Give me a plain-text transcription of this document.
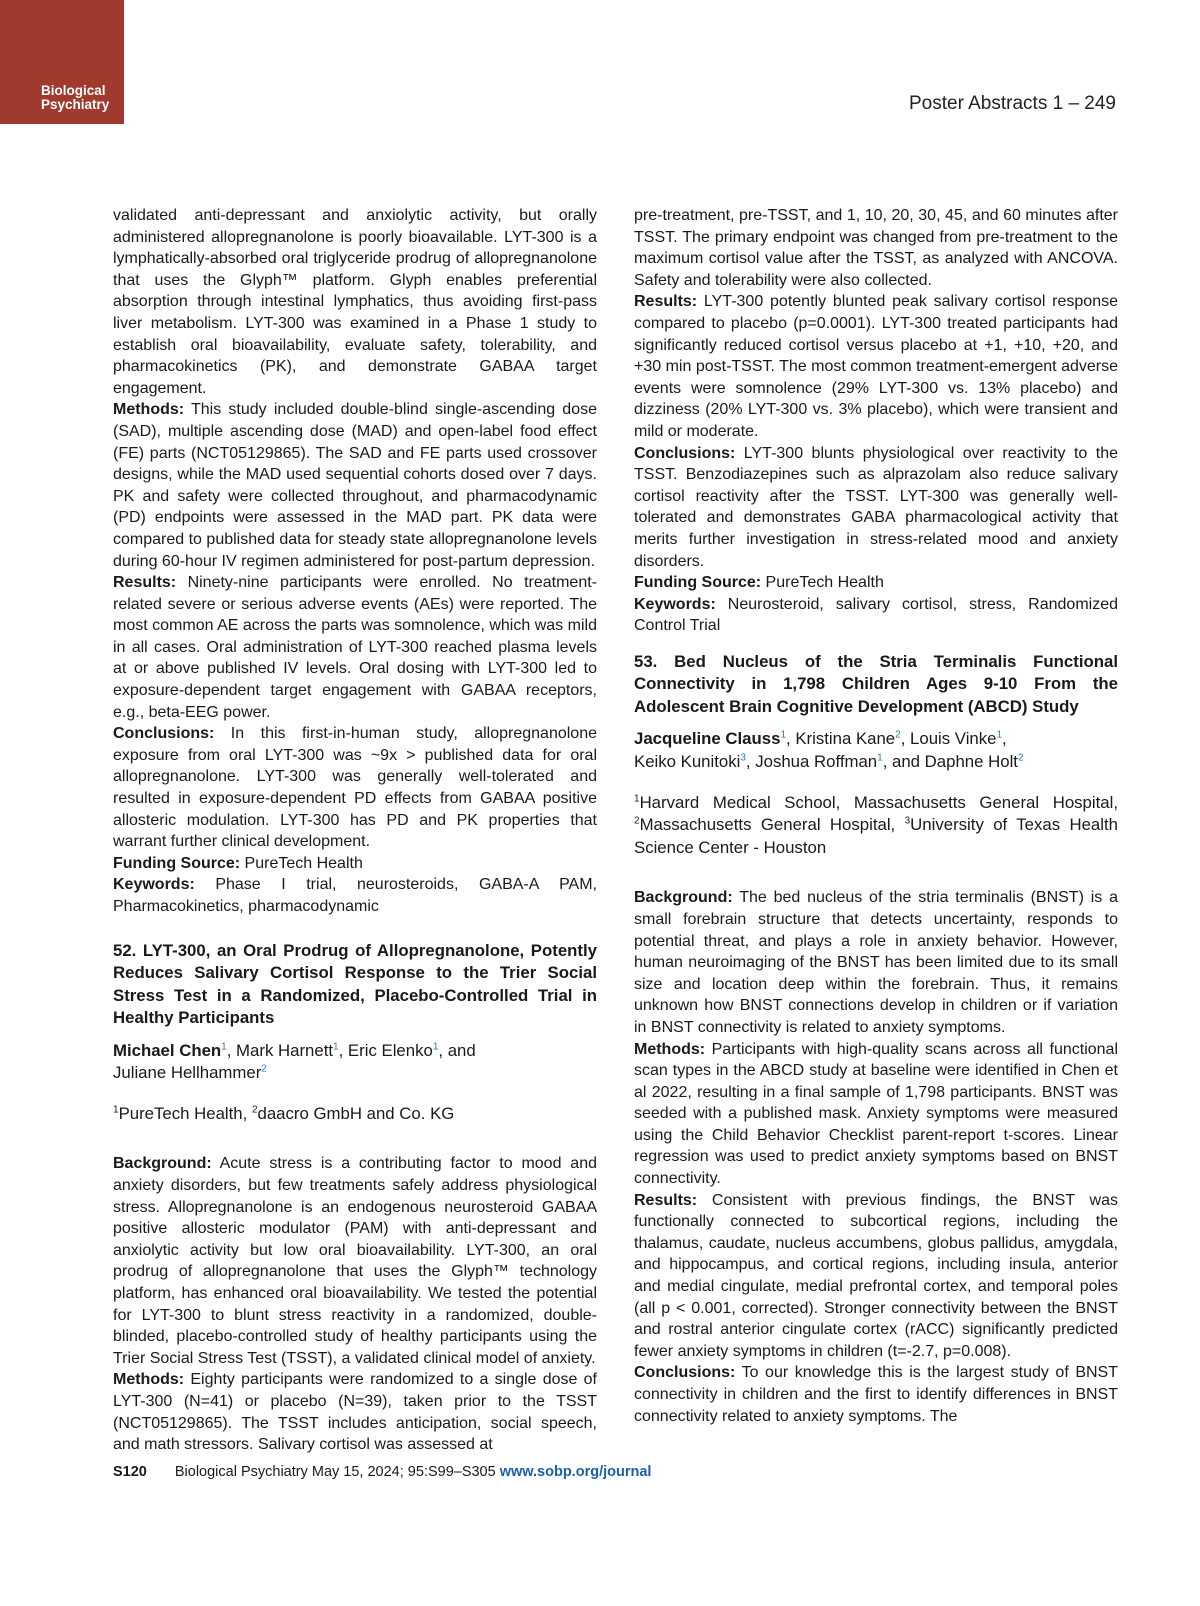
Biological
Psychiatry	Poster Abstracts 1 – 249

validated anti-depressant and anxiolytic activity, but orally administered allopregnanolone is poorly bioavailable. LYT-300 is a lymphatically-absorbed oral triglyceride prodrug of allopregnanolone that uses the Glyph™ platform. Glyph enables preferential absorption through intestinal lymphatics, thus avoiding first-pass liver metabolism. LYT-300 was examined in a Phase 1 study to establish oral bioavailability, evaluate safety, tolerability, and pharmacokinetics (PK), and demonstrate GABAA target engagement.

Methods: This study included double-blind single-ascending dose (SAD), multiple ascending dose (MAD) and open-label food effect (FE) parts (NCT05129865). The SAD and FE parts used crossover designs, while the MAD used sequential cohorts dosed over 7 days. PK and safety were collected throughout, and pharmacodynamic (PD) endpoints were assessed in the MAD part. PK data were compared to published data for steady state allopregnanolone levels during 60-hour IV regimen administered for post-partum depression.

Results: Ninety-nine participants were enrolled. No treatment-related severe or serious adverse events (AEs) were reported. The most common AE across the parts was somnolence, which was mild in all cases. Oral administration of LYT-300 reached plasma levels at or above published IV levels. Oral dosing with LYT-300 led to exposure-dependent target engagement with GABAA receptors, e.g., beta-EEG power.

Conclusions: In this first-in-human study, allopregnanolone exposure from oral LYT-300 was ~9x > published data for oral allopregnanolone. LYT-300 was generally well-tolerated and resulted in exposure-dependent PD effects from GABAA positive allosteric modulation. LYT-300 has PD and PK properties that warrant further clinical development.

Funding Source: PureTech Health

Keywords: Phase I trial, neurosteroids, GABA-A PAM, Pharmacokinetics, pharmacodynamic

52. LYT-300, an Oral Prodrug of Allopregnanolone, Potently Reduces Salivary Cortisol Response to the Trier Social Stress Test in a Randomized, Placebo-Controlled Trial in Healthy Participants

Michael Chen$^1$, Mark Harnett$^1$, Eric Elenko$^1$, and
Juliane Hellhammer$^2$

$^1$PureTech Health, $^2$daacro GmbH and Co. KG

Background: Acute stress is a contributing factor to mood and anxiety disorders, but few treatments safely address physiological stress. Allopregnanolone is an endogenous neurosteroid GABAA positive allosteric modulator (PAM) with anti-depressant and anxiolytic activity but low oral bioavailability. LYT-300, an oral prodrug of allopregnanolone that uses the Glyph™ technology platform, has enhanced oral bioavailability. We tested the potential for LYT-300 to blunt stress reactivity in a randomized, double-blinded, placebo-controlled study of healthy participants using the Trier Social Stress Test (TSST), a validated clinical model of anxiety.

Methods: Eighty participants were randomized to a single dose of LYT-300 (N=41) or placebo (N=39), taken prior to the TSST (NCT05129865). The TSST includes anticipation, social speech, and math stressors. Salivary cortisol was assessed at

pre-treatment, pre-TSST, and 1, 10, 20, 30, 45, and 60 minutes after TSST. The primary endpoint was changed from pre-treatment to the maximum cortisol value after the TSST, as analyzed with ANCOVA. Safety and tolerability were also collected.

Results: LYT-300 potently blunted peak salivary cortisol response compared to placebo (p=0.0001). LYT-300 treated participants had significantly reduced cortisol versus placebo at +1, +10, +20, and +30 min post-TSST. The most common treatment-emergent adverse events were somnolence (29% LYT-300 vs. 13% placebo) and dizziness (20% LYT-300 vs. 3% placebo), which were transient and mild or moderate.

Conclusions: LYT-300 blunts physiological over reactivity to the TSST. Benzodiazepines such as alprazolam also reduce salivary cortisol reactivity after the TSST. LYT-300 was generally well-tolerated and demonstrates GABA pharmacological activity that merits further investigation in stress-related mood and anxiety disorders.

Funding Source: PureTech Health

Keywords: Neurosteroid, salivary cortisol, stress, Randomized Control Trial

53. Bed Nucleus of the Stria Terminalis Functional Connectivity in 1,798 Children Ages 9-10 From the Adolescent Brain Cognitive Development (ABCD) Study

Jacqueline Clauss$^1$, Kristina Kane$^2$, Louis Vinke$^1$,
Keiko Kunitoki$^3$, Joshua Roffman$^1$, and Daphne Holt$^2$

$^1$Harvard Medical School, Massachusetts General Hospital, $^2$Massachusetts General Hospital, $^3$University of Texas Health Science Center - Houston

Background: The bed nucleus of the stria terminalis (BNST) is a small forebrain structure that detects uncertainty, responds to potential threat, and plays a role in anxiety behavior. However, human neuroimaging of the BNST has been limited due to its small size and location deep within the forebrain. Thus, it remains unknown how BNST connections develop in children or if variation in BNST connectivity is related to anxiety symptoms.

Methods: Participants with high-quality scans across all functional scan types in the ABCD study at baseline were identified in Chen et al 2022, resulting in a final sample of 1,798 participants. BNST was seeded with a published mask. Anxiety symptoms were measured using the Child Behavior Checklist parent-report t-scores. Linear regression was used to predict anxiety symptoms based on BNST connectivity.

Results: Consistent with previous findings, the BNST was functionally connected to subcortical regions, including the thalamus, caudate, nucleus accumbens, globus pallidus, amygdala, and hippocampus, and cortical regions, including insula, anterior and medial cingulate, medial prefrontal cortex, and temporal poles (all p < 0.001, corrected). Stronger connectivity between the BNST and rostral anterior cingulate cortex (rACC) significantly predicted fewer anxiety symptoms in children (t=-2.7, p=0.008).

Conclusions: To our knowledge this is the largest study of BNST connectivity in children and the first to identify differences in BNST connectivity related to anxiety symptoms. The

S120 Biological Psychiatry May 15, 2024; 95:S99–S305 www.sobp.org/journal
